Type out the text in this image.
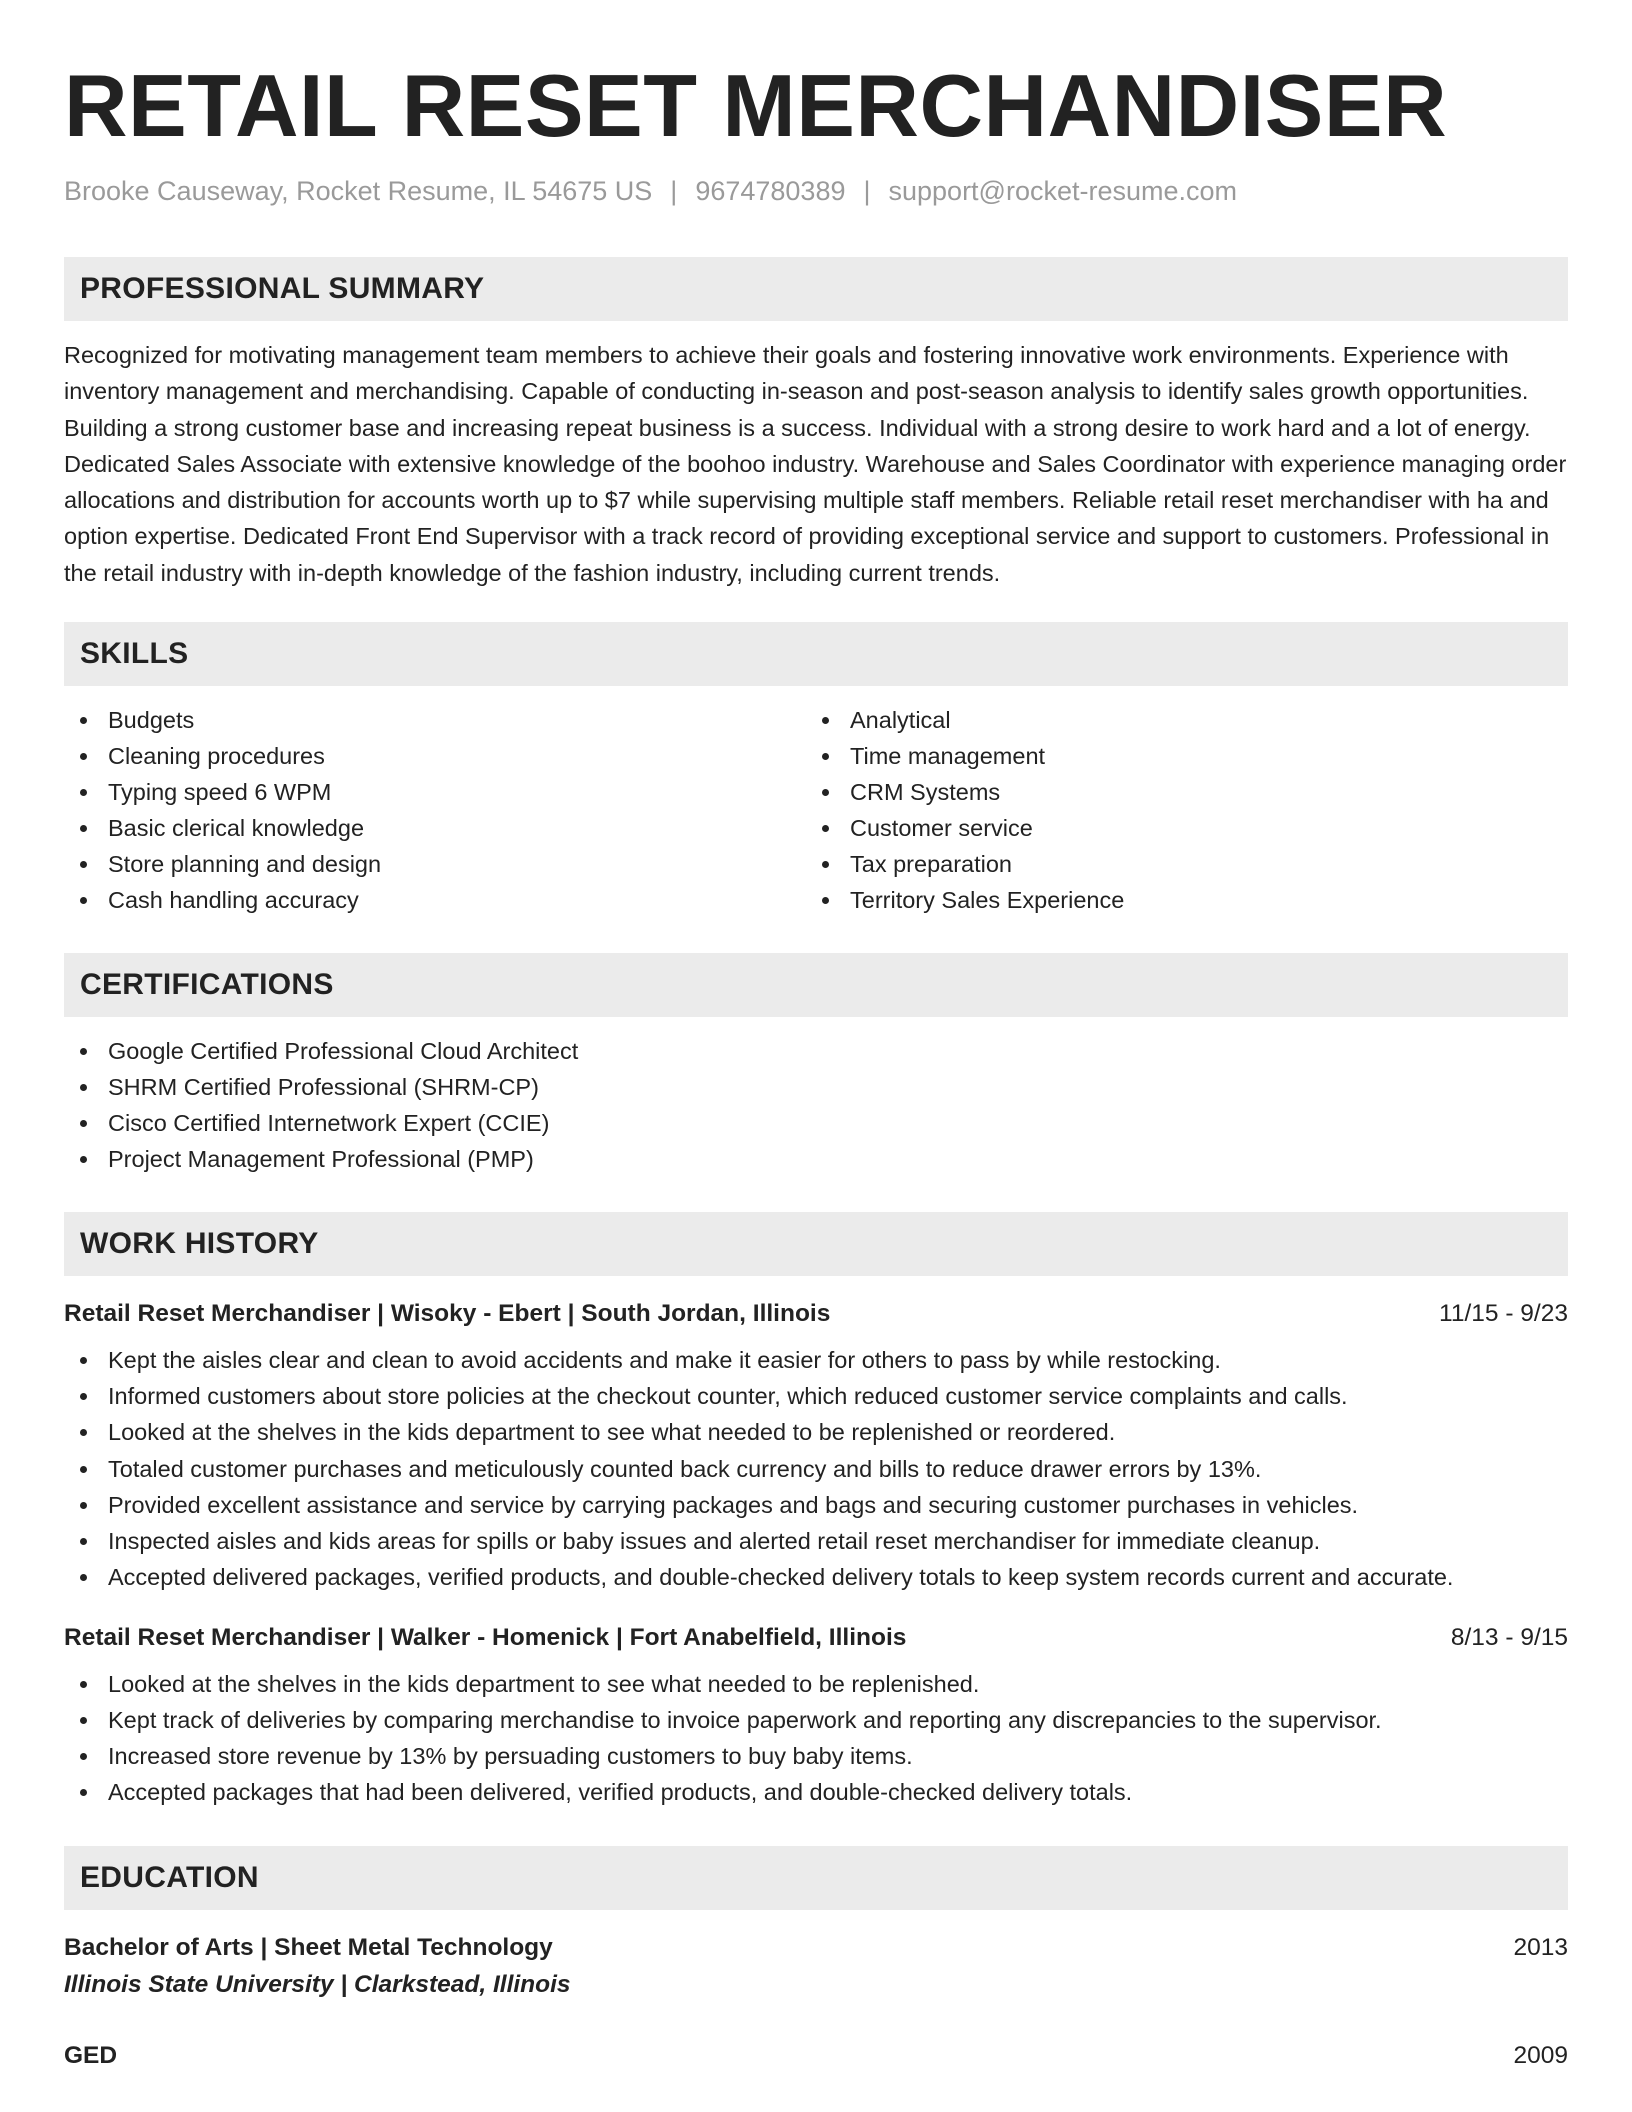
RETAIL RESET MERCHANDISER
Brooke Causeway, Rocket Resume, IL 54675 US | 9674780389 | support@rocket-resume.com
PROFESSIONAL SUMMARY

Recognized for motivating management team members to achieve their goals and fostering innovative work environments. Experience with inventory management and merchandising. Capable of conducting in-season and post-season analysis to identify sales growth opportunities. Building a strong customer base and increasing repeat business is a success. Individual with a strong desire to work hard and a lot of energy. Dedicated Sales Associate with extensive knowledge of the boohoo industry. Warehouse and Sales Coordinator with experience managing order allocations and distribution for accounts worth up to $7 while supervising multiple staff members. Reliable retail reset merchandiser with ha and option expertise. Dedicated Front End Supervisor with a track record of providing exceptional service and support to customers. Professional in the retail industry with in-depth knowledge of the fashion industry, including current trends.

SKILLS
Budgets
Cleaning procedures
Typing speed 6 WPM
Basic clerical knowledge
Store planning and design
Cash handling accuracy
Analytical
Time management
CRM Systems
Customer service
Tax preparation
Territory Sales Experience
CERTIFICATIONS
Google Certified Professional Cloud Architect
SHRM Certified Professional (SHRM-CP)
Cisco Certified Internetwork Expert (CCIE)
Project Management Professional (PMP)
WORK HISTORY
Retail Reset Merchandiser | Wisoky - Ebert | South Jordan, Illinois	11/15 - 9/23
Kept the aisles clear and clean to avoid accidents and make it easier for others to pass by while restocking.
Informed customers about store policies at the checkout counter, which reduced customer service complaints and calls.
Looked at the shelves in the kids department to see what needed to be replenished or reordered.
Totaled customer purchases and meticulously counted back currency and bills to reduce drawer errors by 13%.
Provided excellent assistance and service by carrying packages and bags and securing customer purchases in vehicles.
Inspected aisles and kids areas for spills or baby issues and alerted retail reset merchandiser for immediate cleanup.
Accepted delivered packages, verified products, and double-checked delivery totals to keep system records current and accurate.
Retail Reset Merchandiser | Walker - Homenick | Fort Anabelfield, Illinois	8/13 - 9/15
Looked at the shelves in the kids department to see what needed to be replenished.
Kept track of deliveries by comparing merchandise to invoice paperwork and reporting any discrepancies to the supervisor.
Increased store revenue by 13% by persuading customers to buy baby items.
Accepted packages that had been delivered, verified products, and double-checked delivery totals.
EDUCATION
Bachelor of Arts | Sheet Metal Technology	2013
Illinois State University | Clarkstead, Illinois
GED	2009
